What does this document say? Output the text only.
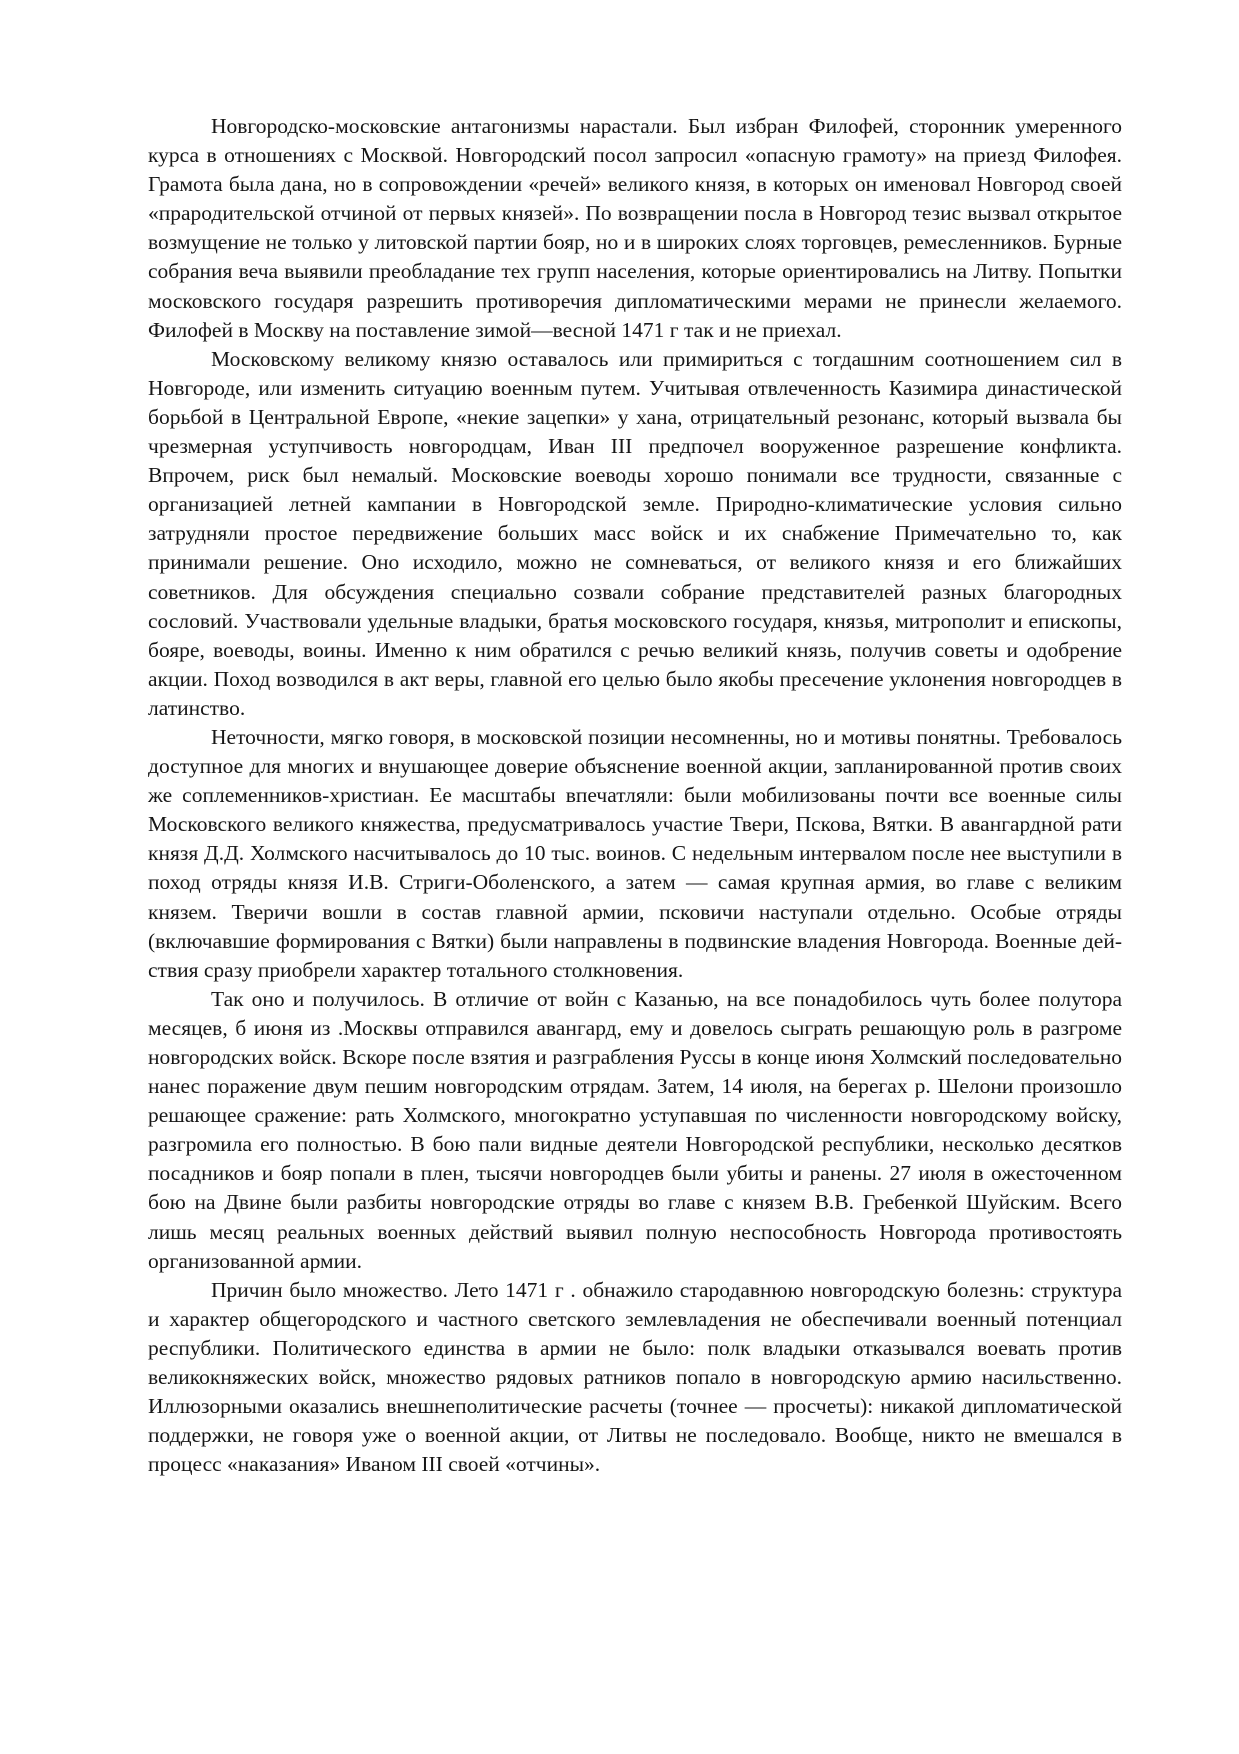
Новгородско-московские антагонизмы нарастали. Был избран Филофей, сторонник умеренного курса в отношениях с Москвой. Новгородский посол запросил «опасную грамоту» на приезд Филофея. Грамота была дана, но в сопровождении «речей» великого князя, в которых он именовал Новгород своей «прародительской отчиной от первых князей». По возвращении посла в Новгород тезис вызвал открытое возмущение не только у литовской партии бояр, но и в широких слоях торговцев, ремесленников. Бурные собрания веча выявили преобладание тех групп населения, которые ориентировались на Литву. Попытки московского государя разрешить противоречия дипломатическими мерами не принесли желаемого. Филофей в Москву на поставление зимой—весной 1471 г так и не приехал.

Московскому великому князю оставалось или примириться с тогдашним соотношением сил в Новгороде, или изменить ситуацию военным путем. Учитывая отвлеченность Казимира династической борьбой в Центральной Европе, «некие зацепки» у хана, отрицательный резонанс, который вызвала бы чрезмерная уступчивость новгородцам, Иван III предпочел вооруженное разрешение конфликта. Впрочем, риск был немалый. Московские воеводы хорошо понимали все трудности, связанные с организацией летней кампании в Новгородской земле. Природно-климатические условия сильно затрудняли простое передвижение больших масс войск и их снабжение Примечательно то, как принимали решение. Оно исходило, можно не сомневаться, от великого князя и его ближайших советников. Для обсуждения специально созвали собрание представителей разных благородных сословий. Участвовали удельные владыки, братья московского государя, князья, митрополит и епископы, бояре, воеводы, воины. Именно к ним обратился с речью великий князь, получив советы и одобрение акции. Поход возводился в акт веры, главной его целью было якобы пресечение уклонения новгородцев в латинство.

Неточности, мягко говоря, в московской позиции несомненны, но и мотивы понятны. Требовалось доступное для многих и внушающее доверие объяснение военной акции, запланированной против своих же соплеменников-христиан. Ее масштабы впечатляли: были мобилизованы почти все военные силы Московского великого княжества, предусматривалось участие Твери, Пскова, Вятки. В авангардной рати князя Д.Д. Холмского насчитывалось до 10 тыс. воинов. С недельным интервалом после нее выступили в поход отряды князя И.В. Стриги-Оболенского, а затем — самая крупная армия, во главе с великим князем. Тверичи вошли в состав главной армии, псковичи наступали отдельно. Особые отряды (включавшие формирования с Вятки) были направлены в подвинские владения Новгорода. Военные действия сразу приобрели характер тотального столкновения.

Так оно и получилось. В отличие от войн с Казанью, на все понадобилось чуть более полутора месяцев, б июня из .Москвы отправился авангард, ему и довелось сыграть решающую роль в разгроме новгородских войск. Вскоре после взятия и разграбления Руссы в конце июня Холмский последовательно нанес поражение двум пешим новгородским отрядам. Затем, 14 июля, на берегах р. Шелони произошло решающее сражение: рать Холмского, многократно уступавшая по численности новгородскому войску, разгромила его полностью. В бою пали видные деятели Новгородской республики, несколько десятков посадников и бояр попали в плен, тысячи новгородцев были убиты и ранены. 27 июля в ожесточенном бою на Двине были разбиты новгородские отряды во главе с князем В.В. Гребенкой Шуйским. Всего лишь месяц реальных военных действий выявил полную неспособность Новгорода противостоять организованной армии.

Причин было множество. Лето 1471 г . обнажило стародавнюю новгородскую болезнь: структура и характер общегородского и частного светского землевладения не обеспечивали военный потенциал республики. Политического единства в армии не было: полк владыки отказывался воевать против великокняжеских войск, множество рядовых ратников попало в новгородскую армию насильственно. Иллюзорными оказались внешнеполитические расчеты (точнее — просчеты): никакой дипломатической поддержки, не говоря уже о военной акции, от Литвы не последовало. Вообще, никто не вмешался в процесс «наказания» Иваном III своей «отчины».
